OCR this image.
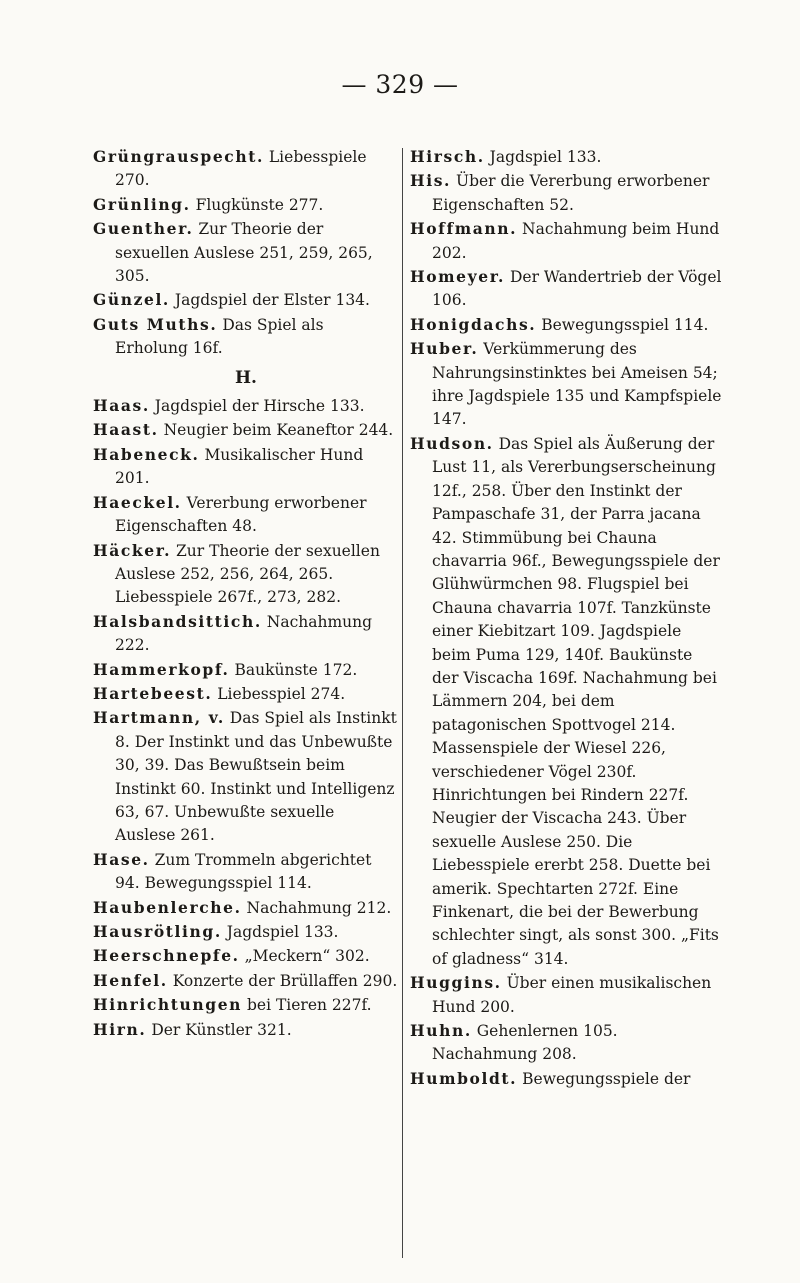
— 329 —

Grüngrauspecht. Liebesspiele 270.

Grünling. Flugkünste 277.

Guenther. Zur Theorie der sexuellen Auslese 251, 259, 265, 305.

Günzel. Jagdspiel der Elster 134.

Guts Muths. Das Spiel als Erholung 16f.

H.

Haas. Jagdspiel der Hirsche 133.

Haast. Neugier beim Keaneftor 244.

Habeneck. Musikalischer Hund 201.

Haeckel. Vererbung erworbener Eigenschaften 48.

Häcker. Zur Theorie der sexuellen Auslese 252, 256, 264, 265. Liebesspiele 267f., 273, 282.

Halsbandsittich. Nachahmung 222.

Hammerkopf. Baukünste 172.

Hartebeest. Liebesspiel 274.

Hartmann, v. Das Spiel als Instinkt 8. Der Instinkt und das Unbewußte 30, 39. Das Bewußtsein beim Instinkt 60. Instinkt und Intelligenz 63, 67. Unbewußte sexuelle Auslese 261.

Hase. Zum Trommeln abgerichtet 94. Bewegungsspiel 114.

Haubenlerche. Nachahmung 212.

Hausrötling. Jagdspiel 133.

Heerschnepfe. „Meckern“ 302.

Henfel. Konzerte der Brüllaffen 290.

Hinrichtungen bei Tieren 227f.

Hirn. Der Künstler 321.

Hirsch. Jagdspiel 133.

His. Über die Vererbung erworbener Eigenschaften 52.

Hoffmann. Nachahmung beim Hund 202.

Homeyer. Der Wandertrieb der Vögel 106.

Honigdachs. Bewegungsspiel 114.

Huber. Verkümmerung des Nahrungsinstinktes bei Ameisen 54; ihre Jagdspiele 135 und Kampfspiele 147.

Hudson. Das Spiel als Äußerung der Lust 11, als Vererbungserscheinung 12f., 258. Über den Instinkt der Pampaschafe 31, der Parra jacana 42. Stimmübung bei Chauna chavarria 96f., Bewegungsspiele der Glühwürmchen 98. Flugspiel bei Chauna chavarria 107f. Tanzkünste einer Kiebitzart 109. Jagdspiele beim Puma 129, 140f. Baukünste der Viscacha 169f. Nachahmung bei Lämmern 204, bei dem patagonischen Spottvogel 214. Massenspiele der Wiesel 226, verschiedener Vögel 230f. Hinrichtungen bei Rindern 227f. Neugier der Viscacha 243. Über sexuelle Auslese 250. Die Liebesspiele ererbt 258. Duette bei amerik. Spechtarten 272f. Eine Finkenart, die bei der Bewerbung schlechter singt, als sonst 300. „Fits of gladness“ 314.

Huggins. Über einen musikalischen Hund 200.

Huhn. Gehenlernen 105. Nachahmung 208.

Humboldt. Bewegungsspiele der
